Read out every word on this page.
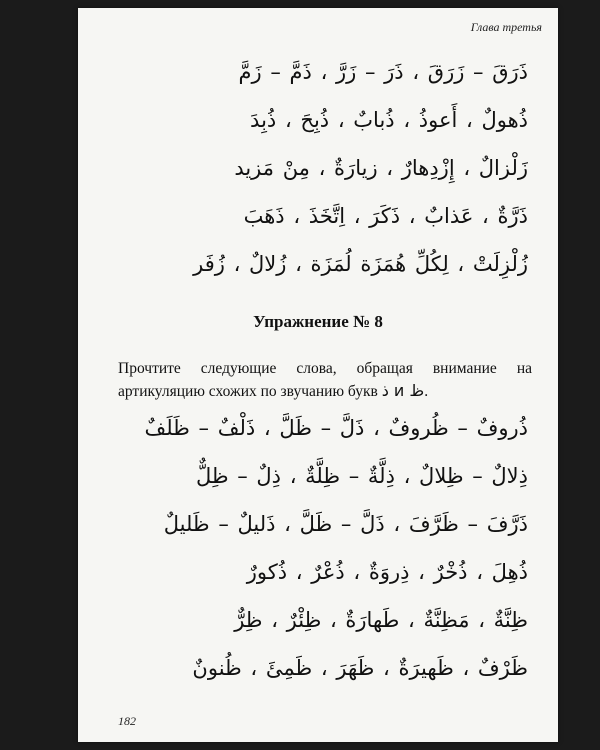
Глава третья
ذَرَقَ – زَرَقَ ، ذَرَ – زَرَّ ، ذَمَّ – زَمَّ
ذُهولٌ ، أَعوذُ ، ذُبابٌ ، ذُبِحَ ، ذُبِدَ
زَلْزالٌ ، إِزْدِهارٌ ، زيارَةٌ ، مِنْ مَزيد
ذَرَّةٌ ، عَذابٌ ، ذَكَرَ ، اِتَّخَذَ ، ذَهَبَ
زُلْزِلَتْ ، لِكُلِّ هُمَزَة لُمَزَة ، زُلالٌ ، زُفَر
Упражнение № 8
Прочтите следующие слова, обращая внимание на артикуляцию схожих по звучанию букв ذ и ظ.
ذُروفٌ – ظُروفٌ ، ذَلَّ – ظَلَّ ، ذَلْفٌ – ظَلَفٌ
ذِلالٌ – ظِلالٌ ، ذِلَّةٌ – ظِلَّةٌ ، ذِلٌ – ظِلٌّ
ذَرَّفَ – ظَرَّفَ ، ذَلَّ – ظَلَّ ، ذَليلٌ – ظَليلٌ
ذُهِلَ ، ذُخْرٌ ، ذِروَةٌ ، ذُعْرٌ ، ذُكورٌ
ظِنَّةٌ ، مَظِنَّةٌ ، طَهارَةٌ ، ظِئْرٌ ، ظِرٌّ
ظَرْفٌ ، ظَهيرَةٌ ، ظَهَرَ ، ظَمِئَ ، ظُنونٌ
182
